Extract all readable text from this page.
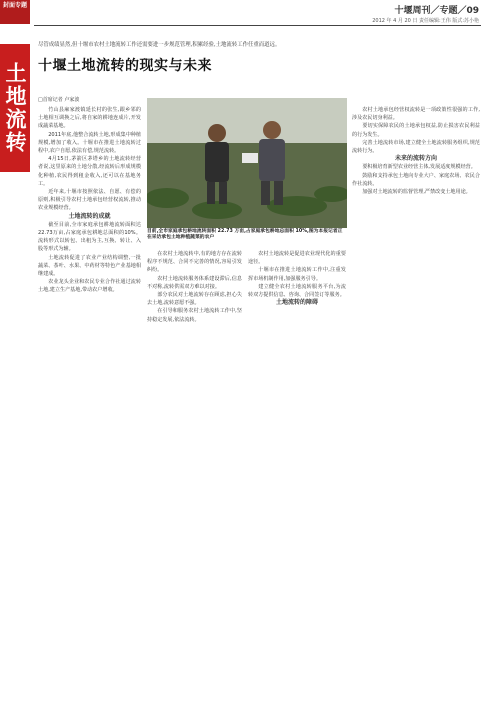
封面专题
十堰周刊／专题／09
2012 年 4 月 20 日 责任编辑:王伟 版式:苏小艳
土地流转
尽管成绩显然,但十堰市农村土地流转工作还需要进一步规范管理,积累经验,土地流转工作任重而道远。
十堰土地流转的现实与未来
□首席记者 卢家波
目前,全市家庭承包耕地流转面积 22.73 万亩,占家庭承包耕地总面积 10%,图为本报记者正在采访承包土地种植蔬菜的农户

竹山县麻家渡镇延长村的张生,跟乡邻的土地相互调换之后,将自家的耕地连成片,开发成蔬菜基地。

2011年底,他整合流转土地,形成集中种植规模,增加了收入。十堰市在推进土地流转过程中,农户自愿,依法有偿,规范流转。

4月15日,茅箭区茅塔乡的土地流转经营者说,这里原来的土地分散,经流转后形成规模化种植,农民得到租金收入,还可以在基地务工。

近年来,十堰市按照依法、自愿、有偿的原则,积极引导农村土地承包经营权流转,推动农业规模经营。

土地流转的成就

截至目前,全市家庭承包耕地流转面积达22.73万亩,占家庭承包耕地总面积的10%。流转形式以转包、出租为主,互换、转让、入股等形式为辅。

土地流转促进了农业产业结构调整,一批蔬菜、茶叶、水果、中药材等特色产业基地相继建成。

农业龙头企业和农民专业合作社通过流转土地,建立生产基地,带动农户增收。

在农村土地流转中,有的地方存在流转程序不规范、合同不完善的情况,容易引发纠纷。

农村土地流转服务体系建设滞后,信息不对称,流转供需双方难以对接。

部分农民对土地流转存在顾虑,担心失去土地,流转意愿不强。

在引导和服务农村土地流转工作中,坚持稳定发展,依法流转。

农村土地流转是促进农业现代化的重要途径。

十堰市在推进土地流转工作中,注重发挥市场机制作用,加强服务引导。

建立健全农村土地流转服务平台,为流转双方提供信息、咨询、合同签订等服务。

土地流转的障碍

农村土地承包经营权流转是一项政策性很强的工作,涉及农民切身利益。

要切实保障农民的土地承包权益,防止损害农民利益的行为发生。

完善土地流转市场,建立健全土地流转服务组织,规范流转行为。

未来的流转方向

要积极培育新型农业经营主体,发展适度规模经营。

鼓励和支持承包土地向专业大户、家庭农场、农民合作社流转。

加强对土地流转的监督管理,严禁改变土地用途。
